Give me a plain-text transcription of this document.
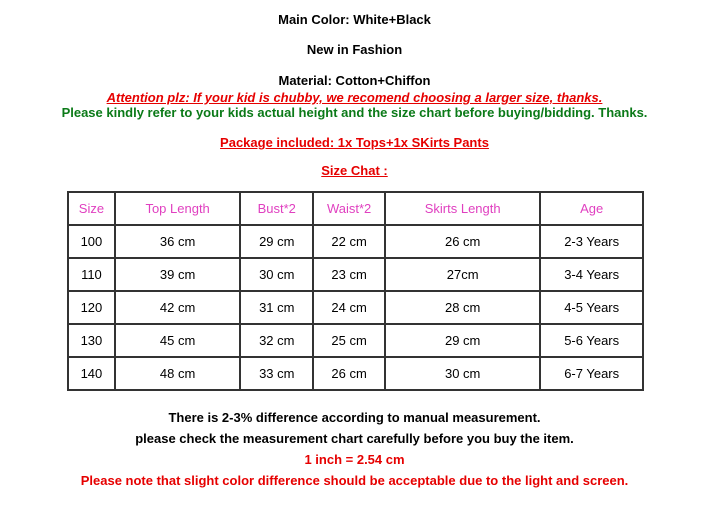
Main Color: White+Black
New in Fashion
Material: Cotton+Chiffon
Attention plz: If your kid is chubby, we recomend choosing a larger size, thanks.
Please kindly refer to your kids actual height and the size chart before buying/bidding. Thanks.
Package included: 1x Tops+1x SKirts Pants
Size Chat :
Size	Top Length	Bust*2	Waist*2	Skirts Length	Age
100	36 cm	29 cm	22 cm	26 cm	2-3 Years
110	39 cm	30 cm	23 cm	27cm	3-4 Years
120	42 cm	31 cm	24 cm	28 cm	4-5 Years
130	45 cm	32 cm	25 cm	29 cm	5-6 Years
140	48 cm	33 cm	26 cm	30 cm	6-7 Years
There is 2-3% difference according to manual measurement.
please check the measurement chart carefully before you buy the item.
1 inch = 2.54 cm
Please note that slight color difference should be acceptable due to the light and screen.
